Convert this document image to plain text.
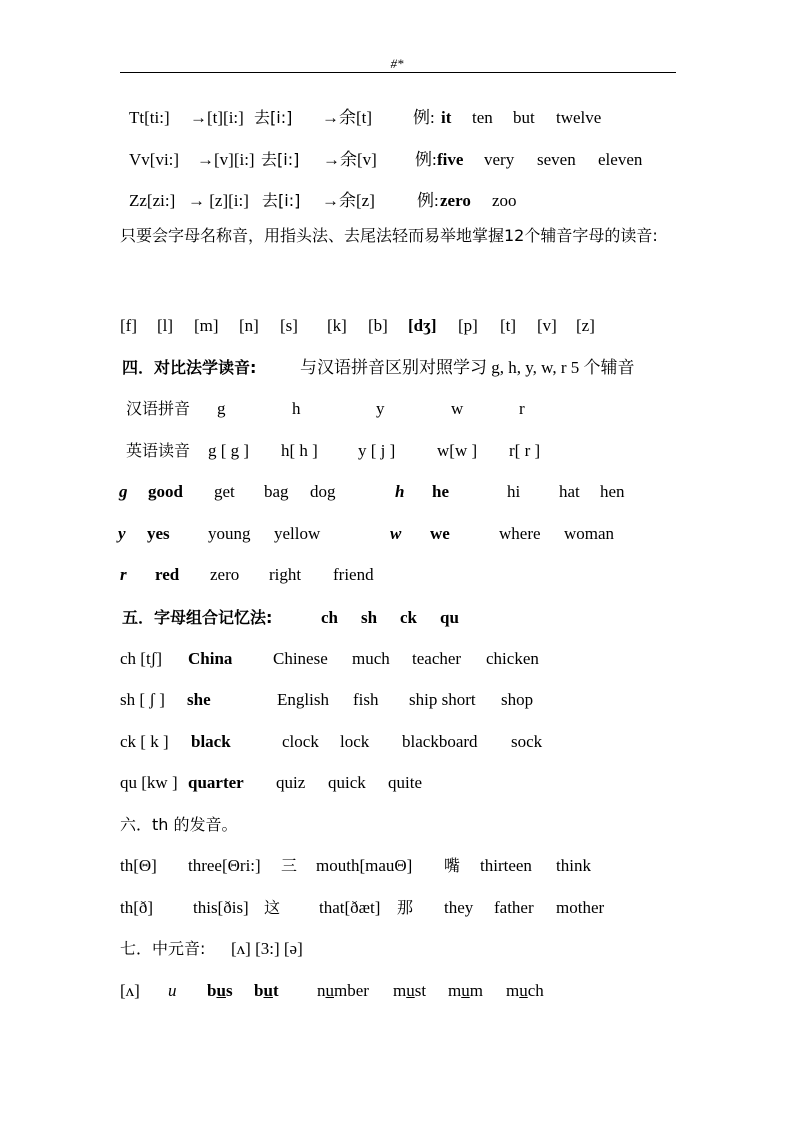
#*
Tt[ti:] →[t][i:] 去[i:] →余[t] 例: it ten but twelve
Vv[vi:] →[v][i:] 去[i:] →余[v] 例: five very seven eleven
Zz[zi:] → [z][i:] 去[i:] →余[z] 例: zero zoo
[f] [l] [m] [n] [s] [k] [b] [dʒ] [p] [t] [v] [z]
四．对比法学读音:	与汉语拼音区别对照学习 g, h, y, w, r 5 个辅音
汉语拼音 g	h	y	w	r
英语读音 g [ g ] h[ h ] y [ j ] w[w ] r[ r ]
g good get bag dog	h he	hi hat hen
y yes young yellow	w we	where woman
r red zero right friend
五．字母组合记忆法:	ch sh ck qu
ch [tʃ] China Chinese much teacher chicken
sh [ ʃ ] she	English fish ship short shop
ck [ k ] black	clock lock blackboard sock
qu [kw ] quarter quiz quick quite
六．th 的发音。
th[Θ] three[Θri:] 三 mouth[mauΘ] 嘴 thirteen think
th[ð] this[ðis] 这 that[ðæt] 那 they father mother
七．中元音: [ʌ] [3:] [ə]
[ʌ] u bus but number must mum much
只要会字母名称音，用指头法、去尾法轻而易举地掌握12个辅音字母的读音:
